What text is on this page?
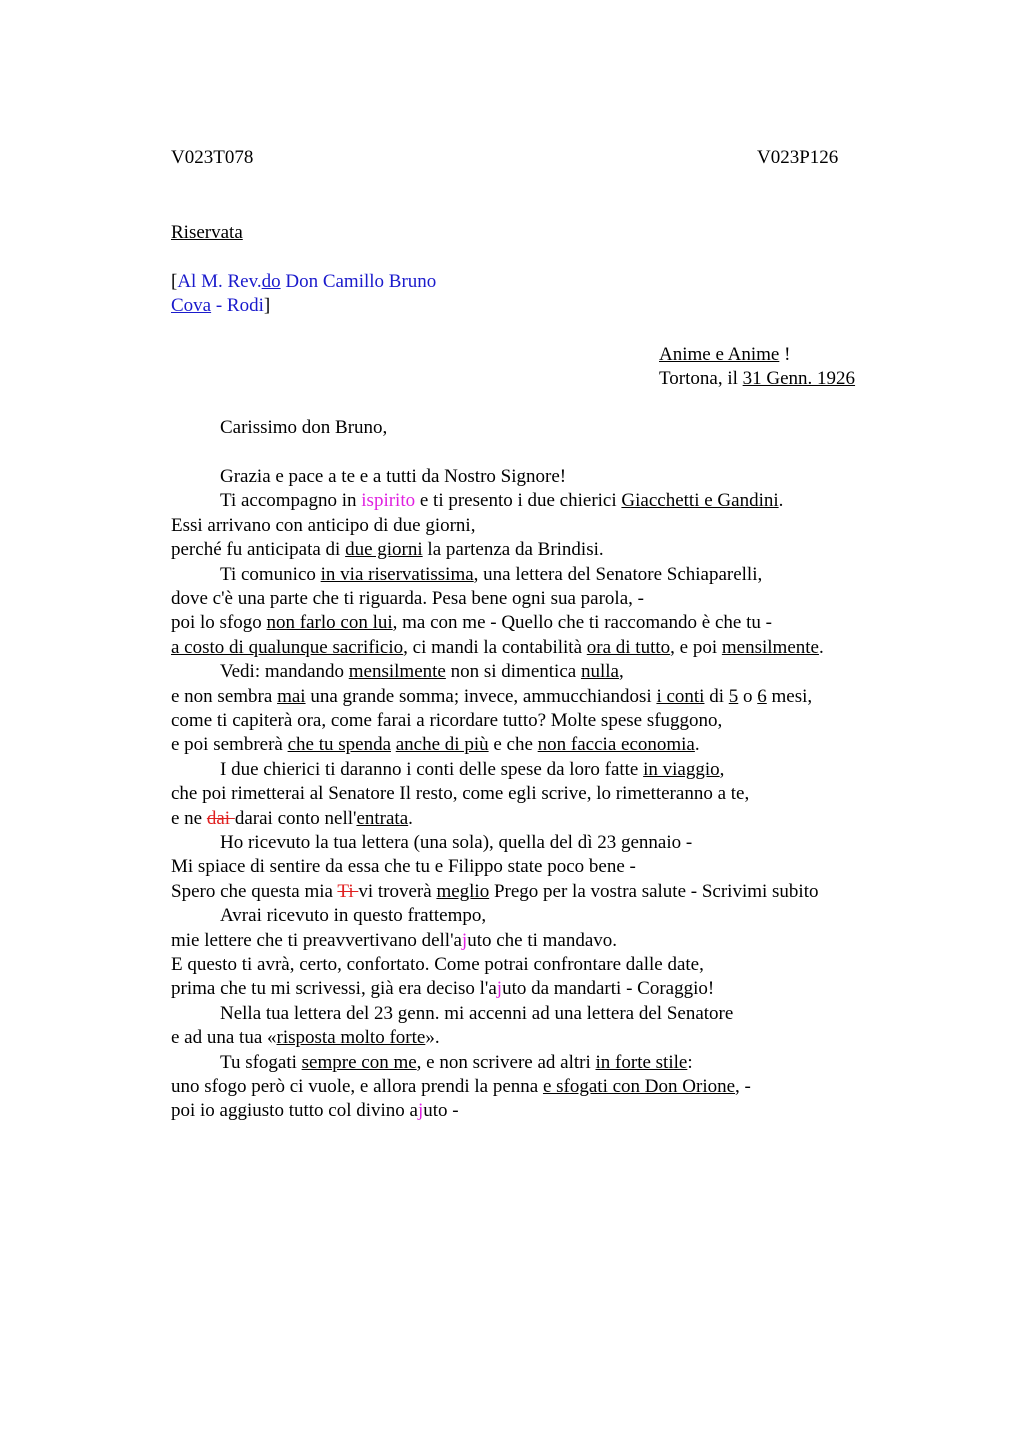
V023T078	V023P126
Riservata
[Al M. Rev.do Don Camillo Bruno
Cova - Rodi]
Anime e Anime !
Tortona, il 31 Genn. 1926
Carissimo don Bruno,
Grazia e pace a te e a tutti da Nostro Signore!
Ti accompagno in ispirito e ti presento i due chierici Giacchetti e Gandini.
Essi arrivano con anticipo di due giorni,
perché fu anticipata di due giorni la partenza da Brindisi.
Ti comunico in via riservatissima, una lettera del Senatore Schiaparelli,
dove c'è una parte che ti riguarda. Pesa bene ogni sua parola, -
poi lo sfogo non farlo con lui, ma con me - Quello che ti raccomando è che tu -
a costo di qualunque sacrificio, ci mandi la contabilità ora di tutto, e poi mensilmente.
Vedi: mandando mensilmente non si dimentica nulla,
e non sembra mai una grande somma; invece, ammucchiandosi i conti di 5 o 6 mesi,
come ti capiterà ora, come farai a ricordare tutto? Molte spese sfuggono,
e poi sembrerà che tu spenda anche di più e che non faccia economia.
I due chierici ti daranno i conti delle spese da loro fatte in viaggio,
che poi rimetterai al Senatore Il resto, come egli scrive, lo rimetteranno a te,
e ne dai darai conto nell'entrata.
Ho ricevuto la tua lettera (una sola), quella del dì 23 gennaio -
Mi spiace di sentire da essa che tu e Filippo state poco bene -
Spero che questa mia Ti vi troverà meglio Prego per la vostra salute - Scrivimi subito
Avrai ricevuto in questo frattempo,
mie lettere che ti preavvertivano dell'ajuto che ti mandavo.
E questo ti avrà, certo, confortato. Come potrai confrontare dalle date,
prima che tu mi scrivessi, già era deciso l'ajuto da mandarti - Coraggio!
Nella tua lettera del 23 genn. mi accenni ad una lettera del Senatore
e ad una tua «risposta molto forte».
Tu sfogati sempre con me, e non scrivere ad altri in forte stile:
uno sfogo però ci vuole, e allora prendi la penna e sfogati con Don Orione, -
poi io aggiusto tutto col divino ajuto -
